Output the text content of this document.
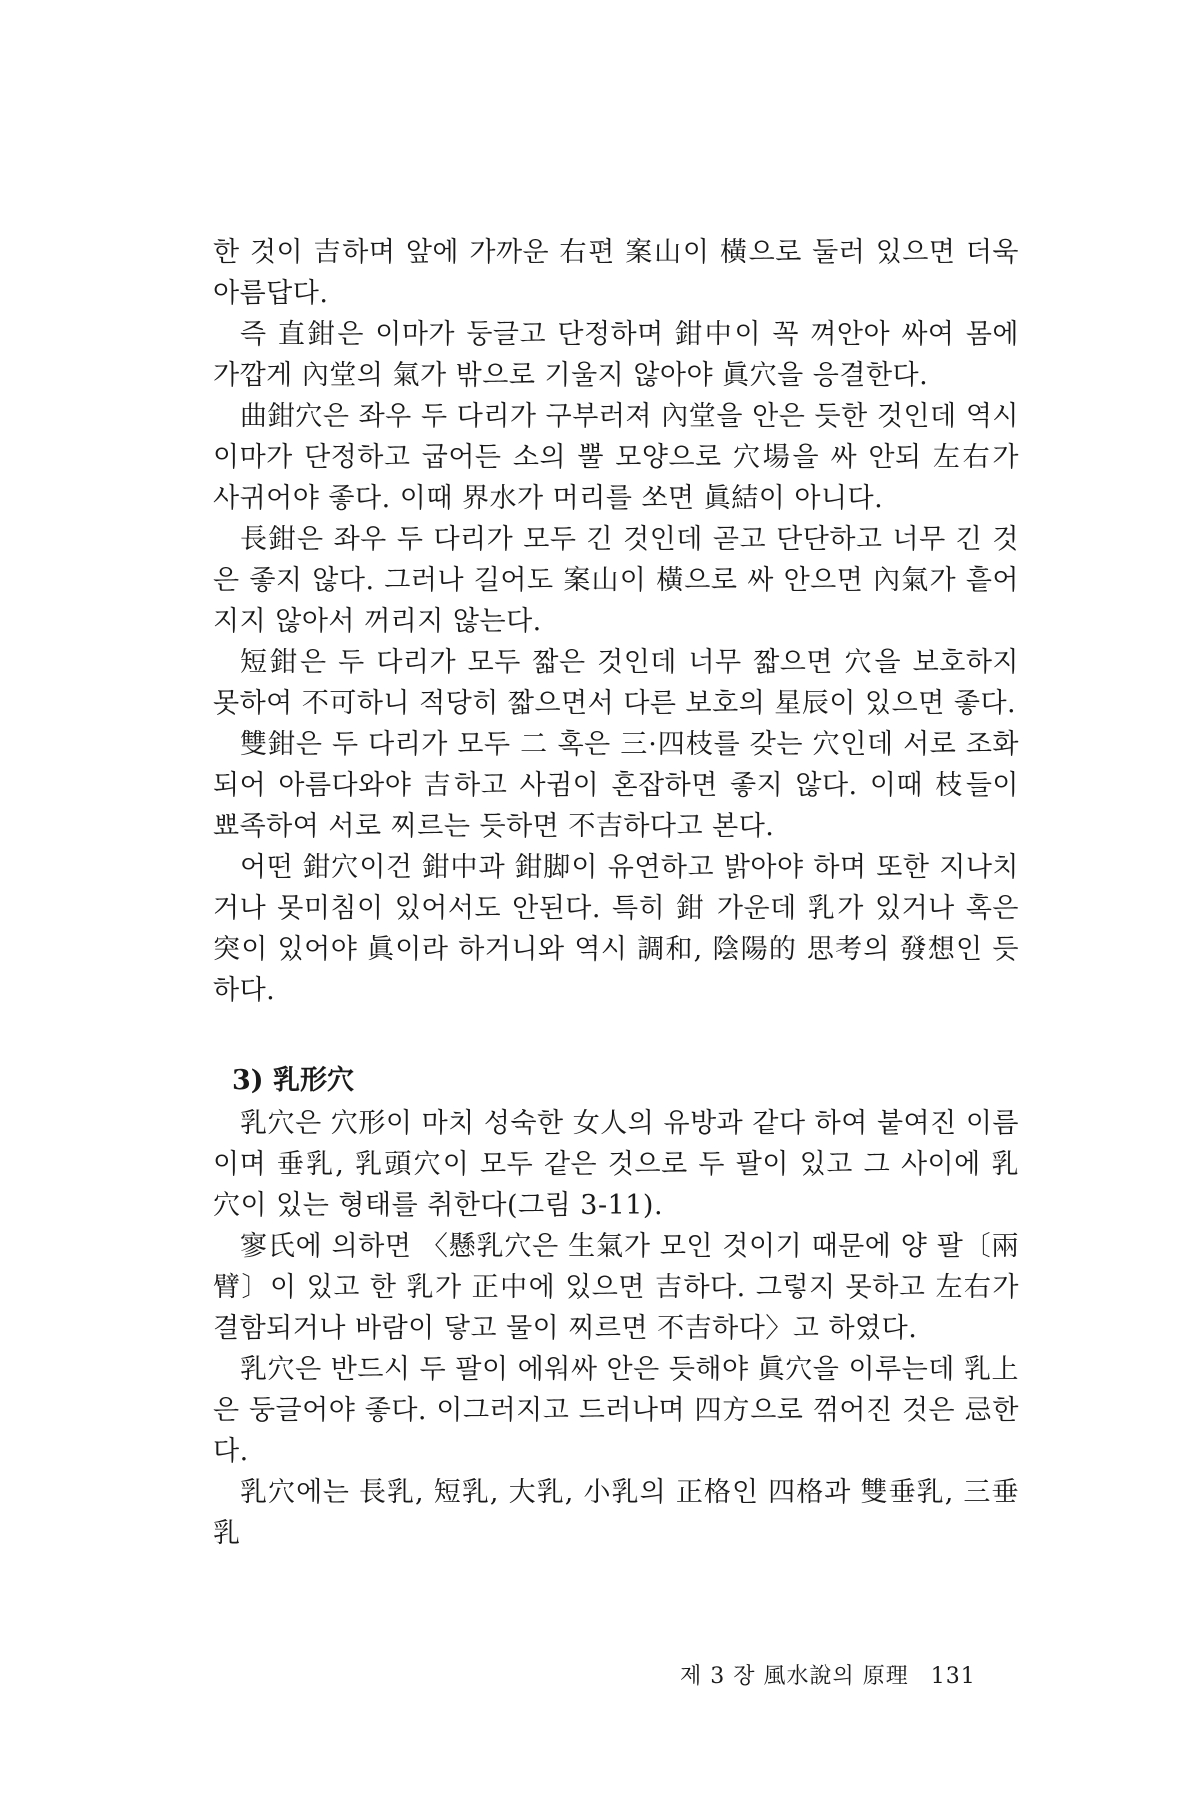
한 것이 吉하며 앞에 가까운 右편 案山이 橫으로 둘러 있으면 더욱 아름답다.

즉 直鉗은 이마가 둥글고 단정하며 鉗中이 꼭 껴안아 싸여 몸에 가깝게 內堂의 氣가 밖으로 기울지 않아야 眞穴을 응결한다.

曲鉗穴은 좌우 두 다리가 구부러져 內堂을 안은 듯한 것인데 역시 이마가 단정하고 굽어든 소의 뿔 모양으로 穴場을 싸 안되 左右가 사귀어야 좋다. 이때 界水가 머리를 쏘면 眞結이 아니다.

長鉗은 좌우 두 다리가 모두 긴 것인데 곧고 단단하고 너무 긴 것은 좋지 않다. 그러나 길어도 案山이 橫으로 싸 안으면 內氣가 흩어지지 않아서 꺼리지 않는다.

短鉗은 두 다리가 모두 짧은 것인데 너무 짧으면 穴을 보호하지 못하여 不可하니 적당히 짧으면서 다른 보호의 星辰이 있으면 좋다.

雙鉗은 두 다리가 모두 二 혹은 三·四枝를 갖는 穴인데 서로 조화되어 아름다와야 吉하고 사귐이 혼잡하면 좋지 않다. 이때 枝들이 뾰족하여 서로 찌르는 듯하면 不吉하다고 본다.

어떤 鉗穴이건 鉗中과 鉗脚이 유연하고 밝아야 하며 또한 지나치거나 못미침이 있어서도 안된다. 특히 鉗 가운데 乳가 있거나 혹은 突이 있어야 眞이라 하거니와 역시 調和, 陰陽的 思考의 發想인 듯하다.

3) 乳形穴

乳穴은 穴形이 마치 성숙한 女人의 유방과 같다 하여 붙여진 이름이며 垂乳, 乳頭穴이 모두 같은 것으로 두 팔이 있고 그 사이에 乳穴이 있는 형태를 취한다(그림 3-11).

寥氏에 의하면 〈懸乳穴은 生氣가 모인 것이기 때문에 양 팔〔兩臂〕이 있고 한 乳가 正中에 있으면 吉하다. 그렇지 못하고 左右가 결함되거나 바람이 닿고 물이 찌르면 不吉하다〉고 하였다.

乳穴은 반드시 두 팔이 에워싸 안은 듯해야 眞穴을 이루는데 乳上은 둥글어야 좋다. 이그러지고 드러나며 四方으로 꺾어진 것은 忌한다.

乳穴에는 長乳, 短乳, 大乳, 小乳의 正格인 四格과 雙垂乳, 三垂乳

제 3 장 風水說의 原理 131
